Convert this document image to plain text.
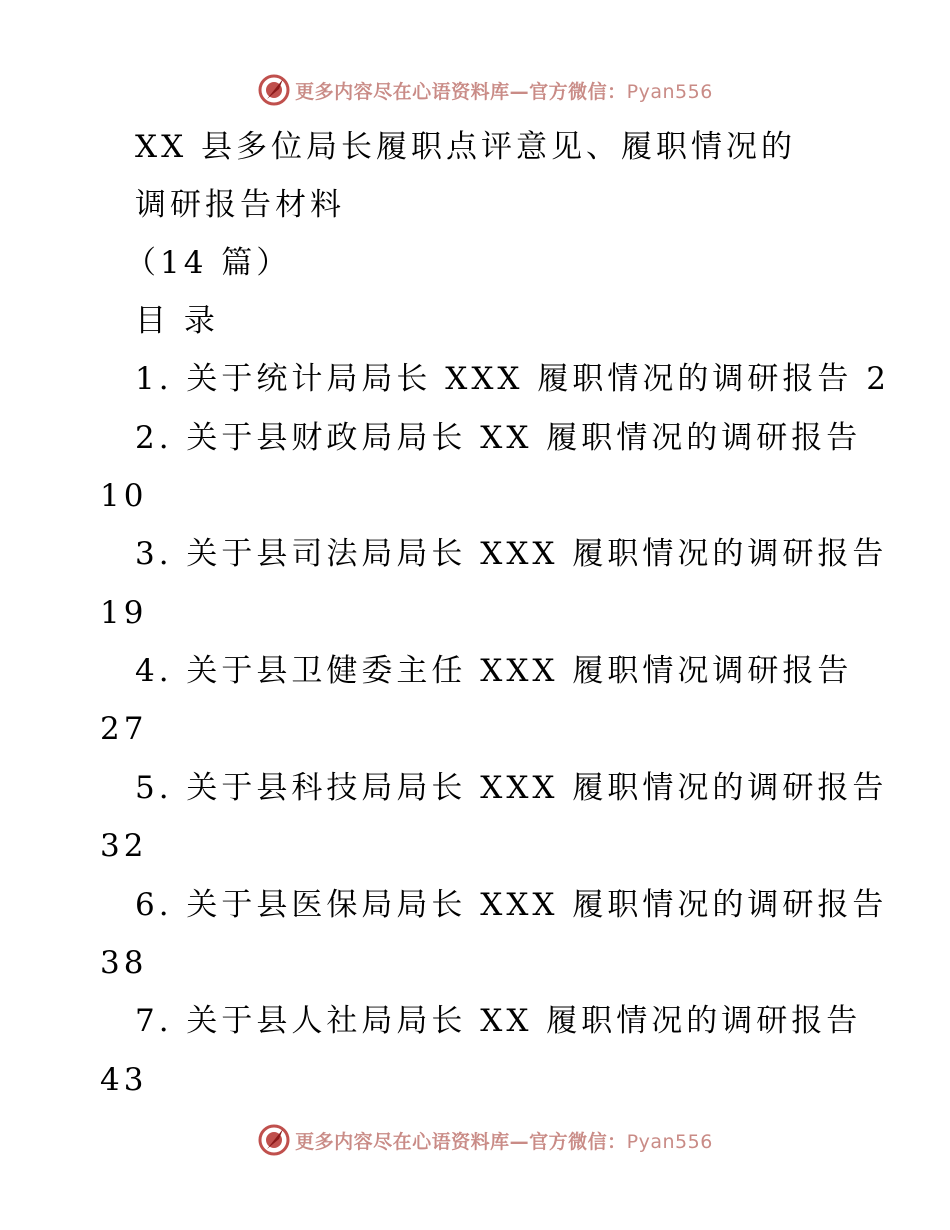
更多内容尽在心语资料库—官方微信：Pyan556
XX 县多位局长履职点评意见、履职情况的
调研报告材料
（14 篇）
目 录
1. 关于统计局局长 XXX 履职情况的调研报告 2
2. 关于县财政局局长 XX 履职情况的调研报告
10
3. 关于县司法局局长 XXX 履职情况的调研报告
19
4. 关于县卫健委主任 XXX 履职情况调研报告
27
5. 关于县科技局局长 XXX 履职情况的调研报告
32
6. 关于县医保局局长 XXX 履职情况的调研报告
38
7. 关于县人社局局长 XX 履职情况的调研报告
43
更多内容尽在心语资料库—官方微信：Pyan556
